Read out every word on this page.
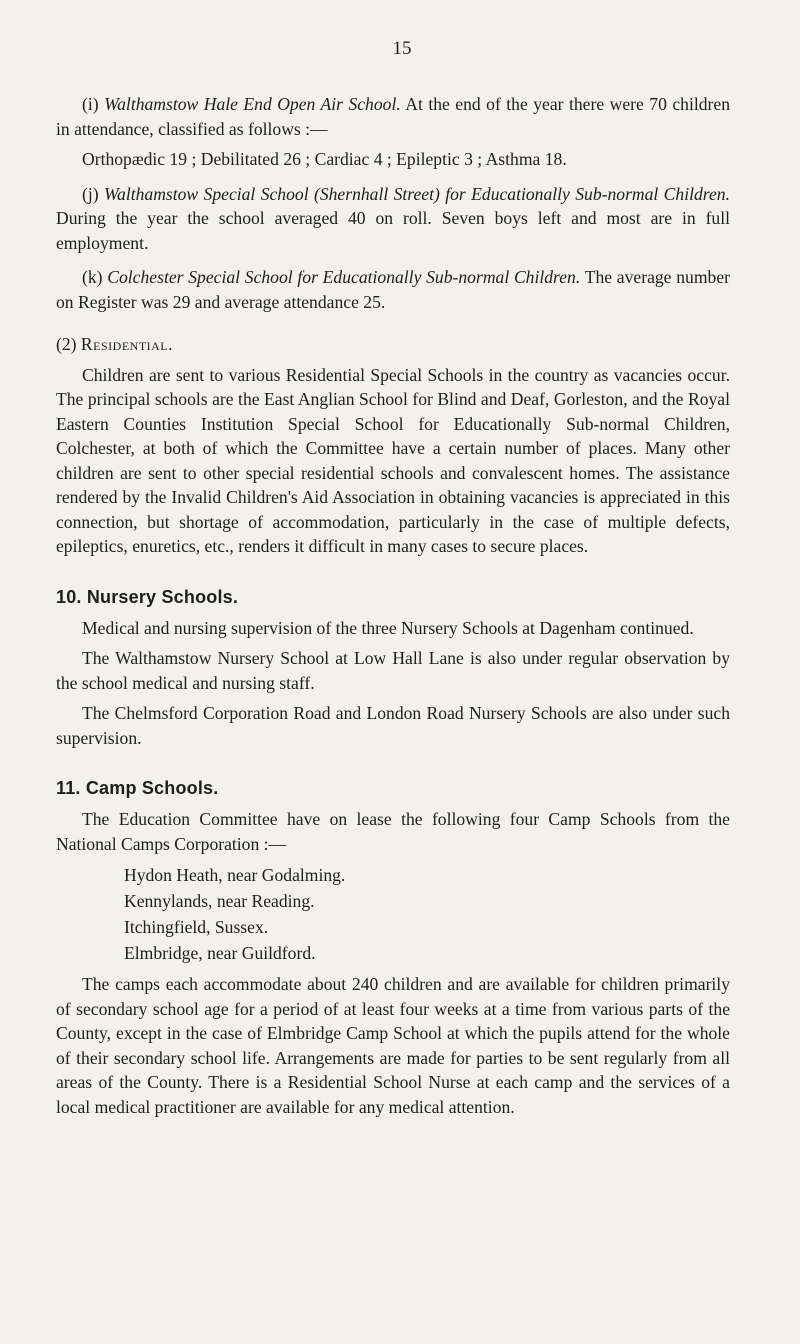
15

(i) Walthamstow Hale End Open Air School. At the end of the year there were 70 children in attendance, classified as follows :—

Orthopædic 19 ; Debilitated 26 ; Cardiac 4 ; Epileptic 3 ; Asthma 18.

(j) Walthamstow Special School (Shernhall Street) for Educationally Sub-normal Children. During the year the school averaged 40 on roll. Seven boys left and most are in full employment.

(k) Colchester Special School for Educationally Sub-normal Children. The average number on Register was 29 and average attendance 25.

(2) Residential.

Children are sent to various Residential Special Schools in the country as vacancies occur. The principal schools are the East Anglian School for Blind and Deaf, Gorleston, and the Royal Eastern Counties Institution Special School for Educationally Sub-normal Children, Colchester, at both of which the Committee have a certain number of places. Many other children are sent to other special residential schools and convalescent homes. The assistance rendered by the Invalid Children's Aid Association in obtaining vacancies is appreciated in this connection, but shortage of accommodation, particularly in the case of multiple defects, epileptics, enuretics, etc., renders it difficult in many cases to secure places.

10. Nursery Schools.

Medical and nursing supervision of the three Nursery Schools at Dagenham continued.

The Walthamstow Nursery School at Low Hall Lane is also under regular observation by the school medical and nursing staff.

The Chelmsford Corporation Road and London Road Nursery Schools are also under such supervision.

11. Camp Schools.

The Education Committee have on lease the following four Camp Schools from the National Camps Corporation :—

Hydon Heath, near Godalming.
Kennylands, near Reading.
Itchingfield, Sussex.
Elmbridge, near Guildford.

The camps each accommodate about 240 children and are available for children primarily of secondary school age for a period of at least four weeks at a time from various parts of the County, except in the case of Elmbridge Camp School at which the pupils attend for the whole of their secondary school life. Arrangements are made for parties to be sent regularly from all areas of the County. There is a Residential School Nurse at each camp and the services of a local medical practitioner are available for any medical attention.
